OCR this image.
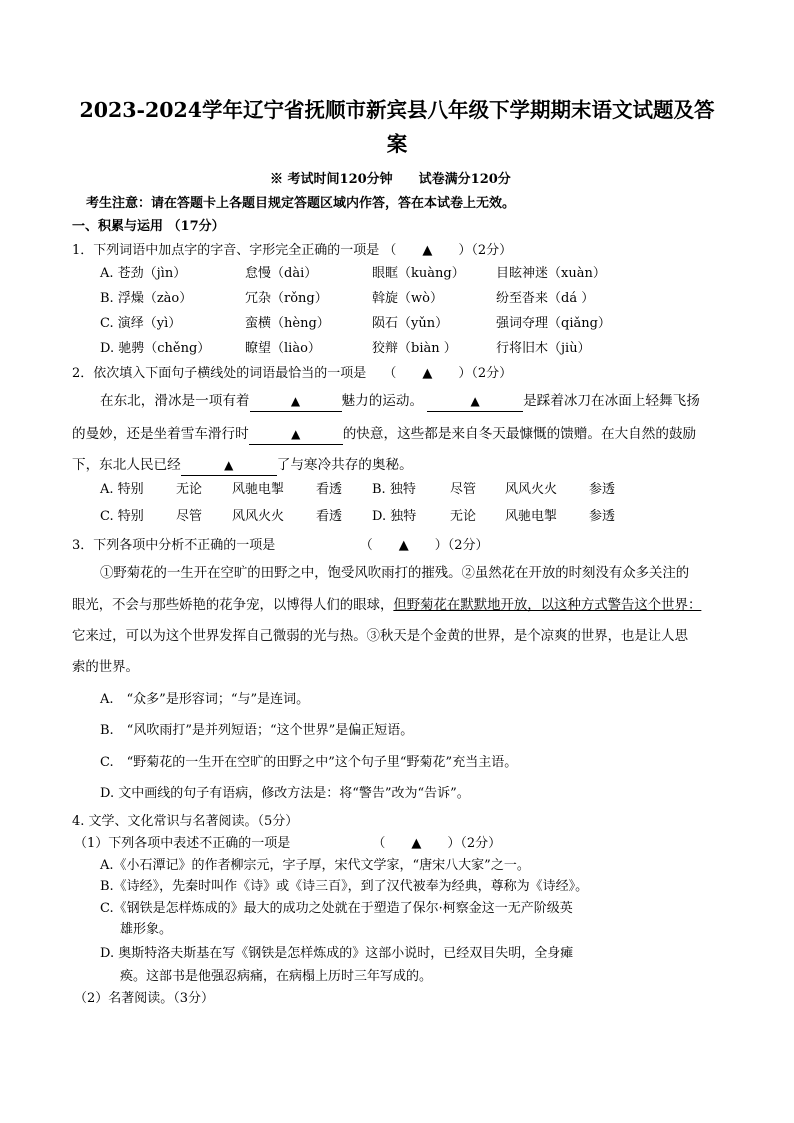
2023-2024学年辽宁省抚顺市新宾县八年级下学期期末语文试题及答
案
※ 考试时间120分钟　　试卷满分120分
考生注意：请在答题卡上各题目规定答题区域内作答，答在本试卷上无效。
一、积累与运用 （17分）
1．下列词语中加点字的字音、字形完全正确的一项是 （　　▲　　）（2分）
A. 苍劲（jìn）	怠慢（dài）	眼眶（kuàng） 目眩神迷（xuàn）
B. 浮燥（zào）	冗杂（rǒng）	斡旋（wò）	纷至沓来（dá ）
C. 演绎（yì）	蛮横（hèng）	陨石（yǔn）	强词夺理（qiǎng）
D. 驰骋（chěng）	瞭望（liào）	狡辩（biàn ）	行将旧木（jiù）
2．依次填入下面句子横线处的词语最恰当的一项是　 （　　▲　　）（2分）
在东北，滑冰是一项有着	▲	魅力的运动。	▲	是踩着冰刀在冰面上轻舞飞扬
的曼妙，还是坐着雪车滑行时	▲	的快意，这些都是来自冬天最慷慨的馈赠。在大自然的鼓励
下，东北人民已经	▲	了与寒冷共存的奥秘。
A. 特别 无论 风驰电掣 看透 B. 独特	尽管 风风火火 参透
C. 特别 尽管 风风火火 看透 D. 独特	无论 风驰电掣 参透
3．下列各项中分析不正确的一项是　　　　　　　（　　▲　　）（2分）
①野菊花的一生开在空旷的田野之中，饱受风吹雨打的摧残。②虽然花在开放的时刻没有众多关注的
眼光，不会与那些娇艳的花争宠，以博得人们的眼球，但野菊花在默默地开放，以这种方式警告这个世界：
它来过，可以为这个世界发挥自己微弱的光与热。③秋天是个金黄的世界，是个凉爽的世界，也是让人思
索的世界。
A.　“众多”是形容词；“与”是连词。
B.　“风吹雨打”是并列短语；“这个世界”是偏正短语。
C.　“野菊花的一生开在空旷的田野之中”这个句子里“野菊花”充当主语。
D. 文中画线的句子有语病，修改方法是：将“警告”改为“告诉”。
4. 文学、文化常识与名著阅读。（5分）
（1）下列各项中表述不正确的一项是　　　　　　 （　　▲　　）（2分）
A.《小石潭记》的作者柳宗元，字子厚，宋代文学家，“唐宋八大家”之一。
B.《诗经》，先秦时叫作《诗》或《诗三百》，到了汉代被奉为经典，尊称为《诗经》。
C.《钢铁是怎样炼成的》最大的成功之处就在于塑造了保尔·柯察金这一无产阶级英
雄形象。
D. 奥斯特洛夫斯基在写《钢铁是怎样炼成的》这部小说时，已经双目失明，全身瘫
痪。这部书是他强忍病痛，在病榻上历时三年写成的。
（2）名著阅读。（3分）
